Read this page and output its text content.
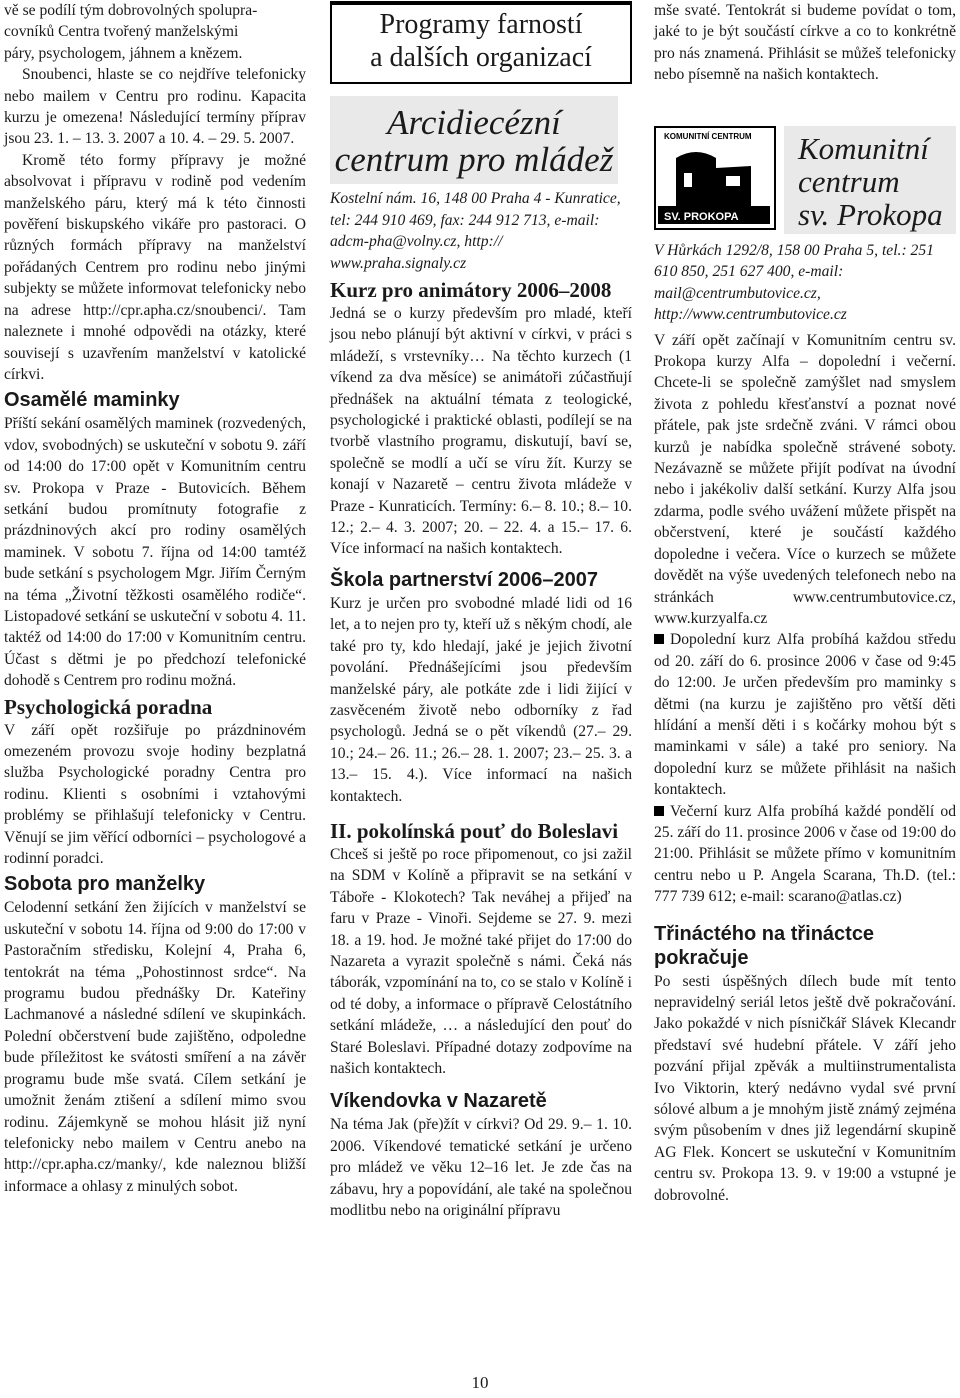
vě se podílí tým dobrovolných spolupra-

covníků Centra tvořený manželskými

páry, psychologem, jáhnem a knězem.

Snoubenci, hlaste se co nejdříve telefonicky nebo mailem v Centru pro rodinu. Kapacita kurzu je omezena! Následující termíny příprav jsou 23. 1. – 13. 3. 2007 a 10. 4. – 29. 5. 2007.

Kromě této formy přípravy je možné absolvovat i přípravu v rodině pod vedením manželského páru, který má k této činnosti pověření biskupského vikáře pro pastoraci. O různých formách přípravy na manželství pořádaných Centrem pro rodinu nebo jinými subjekty se můžete informovat telefonicky nebo na adrese http://cpr.apha.cz/snoubenci/. Tam naleznete i mnohé odpovědi na otázky, které souvisejí s uzavřením manželství v katolické církvi.

Osamělé maminky

Příští sekání osamělých maminek (rozvedených, vdov, svobodných) se uskuteční v sobotu 9. září od 14:00 do 17:00 opět v Komunitním centru sv. Prokopa v Praze - Butovicích. Během setkání budou promítnuty fotografie z prázdninových akcí pro rodiny osamělých maminek. V sobotu 7. října od 14:00 tamtéž bude setkání s psychologem Mgr. Jiřím Černým na téma „Životní těžkosti osamělého rodiče“. Listopadové setkání se uskuteční v sobotu 4. 11. taktéž od 14:00 do 17:00 v Komunitním centru. Účast s dětmi je po předchozí telefonické dohodě s Centrem pro rodinu možná.

Psychologická poradna

V září opět rozšiřuje po prázdninovém omezeném provozu svoje hodiny bezplatná služba Psychologické poradny Centra pro rodinu. Klienti s osobními i vztahovými problémy se přihlašují telefonicky v Centru. Věnují se jim věřící odborníci – psychologové a rodinní poradci.

Sobota pro manželky

Celodenní setkání žen žijících v manželství se uskuteční v sobotu 14. října od 9:00 do 17:00 v Pastoračním středisku, Kolejní 4, Praha 6, tentokrát na téma „Pohostinnost srdce“. Na programu budou přednášky Dr. Kateřiny Lachmanové a následné sdílení ve skupinkách. Polední občerstvení bude zajištěno, odpoledne bude příležitost ke svátosti smíření a na závěr programu bude mše svatá. Cílem setkání je umožnit ženám ztišení a sdílení mimo svou rodinu. Zájemkyně se mohou hlásit již nyní telefonicky nebo mailem v Centru anebo na http://cpr.apha.cz/manky/, kde naleznou bližší informace a ohlasy z minulých sobot.

Programy farností
a dalších organizací
Arcidiecézní
centrum pro mládež

Kostelní nám. 16, 148 00 Praha 4 - Kunratice, tel: 244 910 469, fax: 244 912 713, e-mail: adcm-pha@volny.cz, http:// www.praha.signaly.cz

Kurz pro animátory 2006–2008

Jedná se o kurzy především pro mladé, kteří jsou nebo plánují být aktivní v církvi, v práci s mládeží, s vrstevníky… Na těchto kurzech (1 víkend za dva měsíce) se animátoři zúčastňují přednášek na aktuální témata z teologické, psychologické i praktické oblasti, podílejí se na tvorbě vlastního programu, diskutují, baví se, společně se modlí a učí se víru žít. Kurzy se konají v Nazaretě – centru života mládeže v Praze - Kunraticích. Termíny: 6.– 8. 10.; 8.– 10. 12.; 2.– 4. 3. 2007; 20. – 22. 4. a 15.– 17. 6. Více informací na našich kontaktech.

Škola partnerství 2006–2007

Kurz je určen pro svobodné mladé lidi od 16 let, a to nejen pro ty, kteří už s někým chodí, ale také pro ty, kdo hledají, jaké je jejich životní povolání. Přednášejícími jsou především manželské páry, ale potkáte zde i lidi žijící v zasvěceném životě nebo odborníky z řad psychologů. Jedná se o pět víkendů (27.– 29. 10.; 24.– 26. 11.; 26.– 28. 1. 2007; 23.– 25. 3. a 13.– 15. 4.). Více informací na našich kontaktech.

II. pokolínská pouť do Boleslavi

Chceš si ještě po roce připomenout, co jsi zažil na SDM v Kolíně a připravit se na setkání v Táboře - Klokotech? Tak neváhej a přijeď na faru v Praze - Vinoři. Sejdeme se 27. 9. mezi 18. a 19. hod. Je možné také přijet do 17:00 do Nazareta a vyrazit společně s námi. Čeká nás táborák, vzpomínání na to, co se stalo v Kolíně i od té doby, a informace o přípravě Celostátního setkání mládeže, … a následující den pouť do Staré Boleslavi. Případné dotazy zodpovíme na našich kontaktech.

Víkendovka v Nazaretě

Na téma Jak (pře)žít v církvi? Od 29. 9.– 1. 10. 2006. Víkendové tematické setkání je určeno pro mládež ve věku 12–16 let. Je zde čas na zábavu, hry a popovídání, ale také na společnou modlitbu nebo na originální přípravu

mše svaté. Tentokrát si budeme povídat o tom, jaké to je být součástí církve a co to konkrétně pro nás znamená. Přihlásit se můžeš telefonicky nebo písemně na našich kontaktech.

KOMUNITNÍ CENTRUM
SV. PROKOPA
Komunitní
centrum
sv. Prokopa

V Hůrkách 1292/8, 158 00 Praha 5, tel.: 251 610 850, 251 627 400, e-mail: mail@centrumbutovice.cz, http://www.centrumbutovice.cz

V září opět začínají v Komunitním centru sv. Prokopa kurzy Alfa – dopolední i večerní. Chcete-li se společně zamýšlet nad smyslem života z pohledu křesťanství a poznat nové přátele, pak jste srdečně zváni. V rámci obou kurzů je nabídka společně strávené soboty. Nezávazně se můžete přijít podívat na úvodní nebo i jakékoliv další setkání. Kurzy Alfa jsou zdarma, podle svého uvážení můžete přispět na občerstvení, které je součástí každého dopoledne i večera. Více o kurzech se můžete dovědět na výše uvedených telefonech nebo na stránkách www.centrumbutovice.cz, www.kurzyalfa.cz

Dopolední kurz Alfa probíhá každou středu od 20. září do 6. prosince 2006 v čase od 9:45 do 12:00. Je určen především pro maminky s dětmi (na kurzu je zajištěno pro větší děti hlídání a menší děti i s kočárky mohou být s maminkami v sále) a také pro seniory. Na dopolední kurz se můžete přihlásit na našich kontaktech.

Večerní kurz Alfa probíhá každé pondělí od 25. září do 11. prosince 2006 v čase od 19:00 do 21:00. Přihlásit se můžete přímo v komunitním centru nebo u P. Angela Scarana, Th.D. (tel.: 777 739 612; e-mail: scarano@atlas.cz)

Třináctého na třináctce pokračuje

Po sesti úspěšných dílech bude mít tento nepravidelný seriál letos ještě dvě pokračování. Jako pokaždé v nich písničkář Slávek Klecandr představí své hudební přátele. V září jeho pozvání přijal zpěvák a multiinstrumentalista Ivo Viktorin, který nedávno vydal své první sólové album a je mnohým jistě známý zejména svým působením v dnes již legendární skupině AG Flek. Koncert se uskuteční v Komunitním centru sv. Prokopa 13. 9. v 19:00 a vstupné je dobrovolné.

10
